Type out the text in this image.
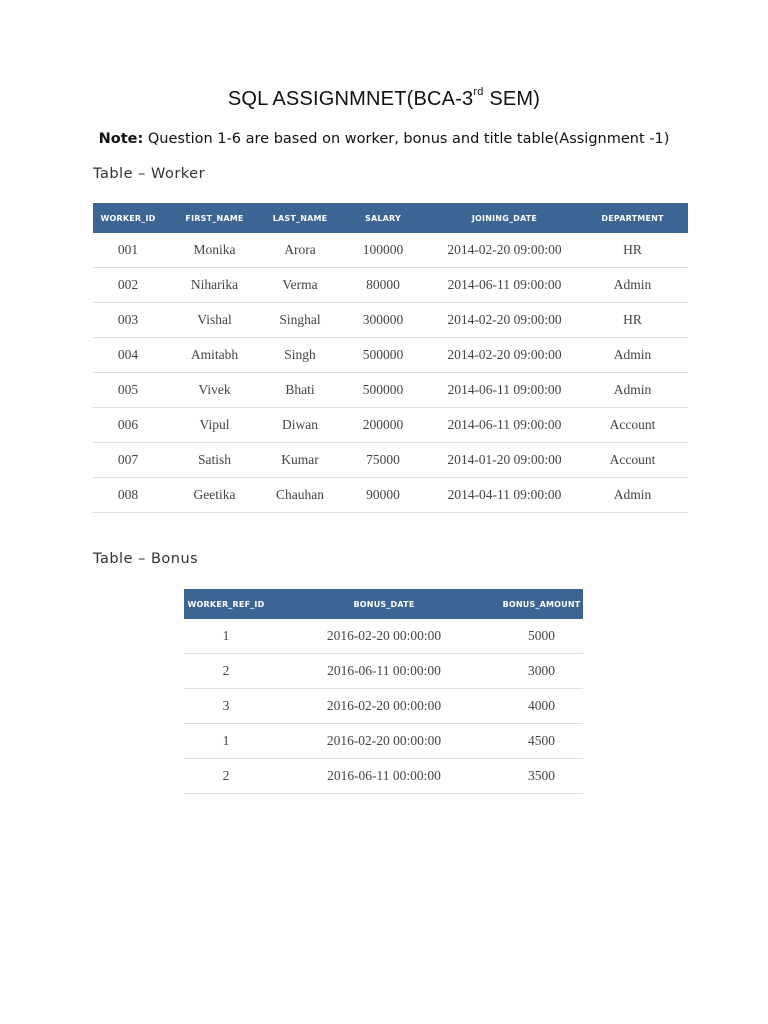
SQL ASSIGNMNET(BCA-3rd SEM)
Note: Question 1-6 are based on worker, bonus and title table(Assignment -1)
Table – Worker
WORKER_ID	FIRST_NAME	LAST_NAME	SALARY	JOINING_DATE	DEPARTMENT
001	Monika	Arora	100000	2014-02-20 09:00:00	HR
002	Niharika	Verma	80000	2014-06-11 09:00:00	Admin
003	Vishal	Singhal	300000	2014-02-20 09:00:00	HR
004	Amitabh	Singh	500000	2014-02-20 09:00:00	Admin
005	Vivek	Bhati	500000	2014-06-11 09:00:00	Admin
006	Vipul	Diwan	200000	2014-06-11 09:00:00	Account
007	Satish	Kumar	75000	2014-01-20 09:00:00	Account
008	Geetika	Chauhan	90000	2014-04-11 09:00:00	Admin
Table – Bonus
WORKER_REF_ID	BONUS_DATE	BONUS_AMOUNT
1	2016-02-20 00:00:00	5000
2	2016-06-11 00:00:00	3000
3	2016-02-20 00:00:00	4000
1	2016-02-20 00:00:00	4500
2	2016-06-11 00:00:00	3500
